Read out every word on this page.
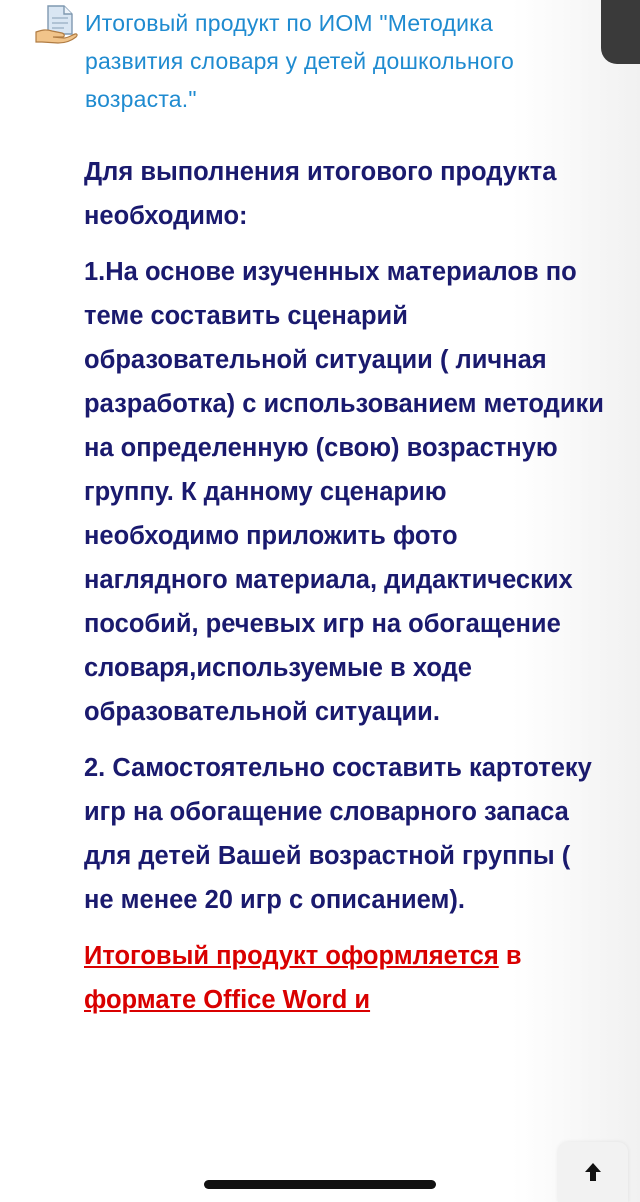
Итоговый продукт по ИОМ "Методика развития словаря у детей дошкольного возраста."

Для выполнения итогового продукта необходимо:

1.На основе изученных материалов по теме составить сценарий образовательной ситуации ( личная разработка) с использованием методики на определенную (свою) возрастную группу. К данному сценарию необходимо приложить фото наглядного материала, дидактических пособий, речевых игр на обогащение словаря,используемые в ходе образовательной ситуации.

2. Самостоятельно составить картотеку игр на обогащение словарного запаса для детей Вашей возрастной группы ( не менее 20 игр с описанием).

Итоговый продукт оформляется в формате Office Word и
